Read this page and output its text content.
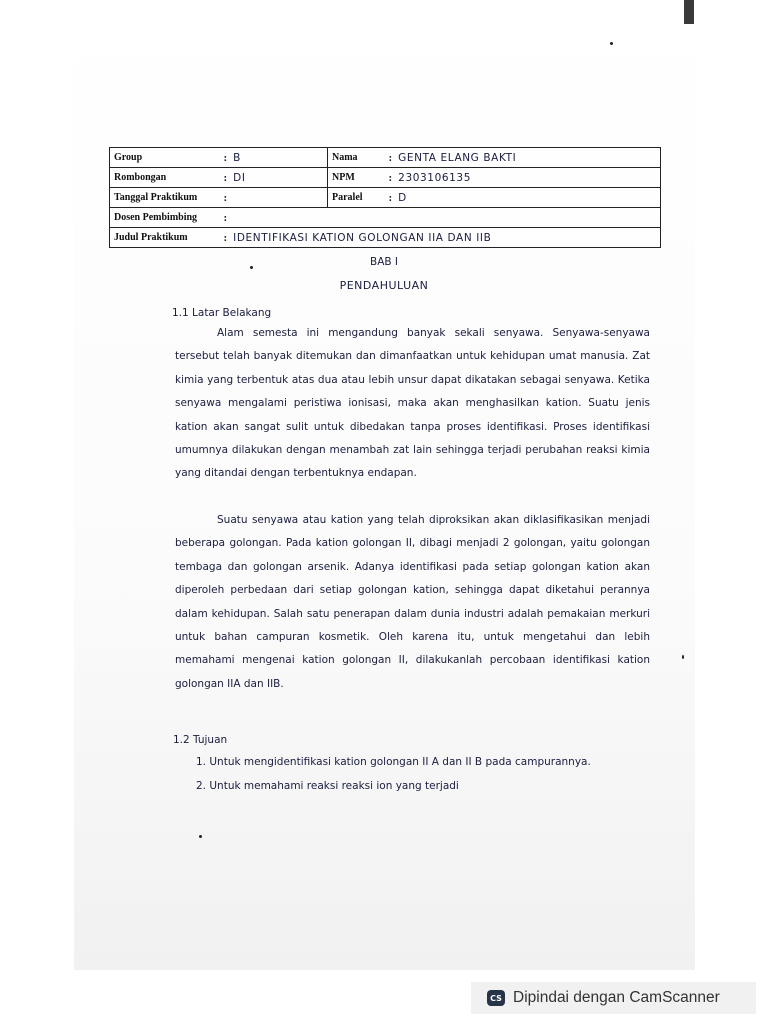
Group	: B	Nama	: GENTA ELANG BAKTI
Rombongan	: DI	NPM	: 2303106135
Tanggal Praktikum	:	Paralel	: D
Dosen Pembimbing	:		
Judul Praktikum	: IDENTIFIKASI KATION GOLONGAN IIA DAN IIB		
BAB I
PENDAHULUAN
1.1 Latar Belakang

Alam semesta ini mengandung banyak sekali senyawa. Senyawa-senyawa tersebut telah banyak ditemukan dan dimanfaatkan untuk kehidupan umat manusia. Zat kimia yang terbentuk atas dua atau lebih unsur dapat dikatakan sebagai senyawa. Ketika senyawa mengalami peristiwa ionisasi, maka akan menghasilkan kation. Suatu jenis kation akan sangat sulit untuk dibedakan tanpa proses identifikasi. Proses identifikasi umumnya dilakukan dengan menambah zat lain sehingga terjadi perubahan reaksi kimia yang ditandai dengan terbentuknya endapan.

Suatu senyawa atau kation yang telah diproksikan akan diklasifikasikan menjadi beberapa golongan. Pada kation golongan II, dibagi menjadi 2 golongan, yaitu golongan tembaga dan golongan arsenik. Adanya identifikasi pada setiap golongan kation akan diperoleh perbedaan dari setiap golongan kation, sehingga dapat diketahui perannya dalam kehidupan. Salah satu penerapan dalam dunia industri adalah pemakaian merkuri untuk bahan campuran kosmetik. Oleh karena itu, untuk mengetahui dan lebih memahami mengenai kation golongan II, dilakukanlah percobaan identifikasi kation golongan IIA dan IIB.

1.2 Tujuan
1. Untuk mengidentifikasi kation golongan II A dan II B pada campurannya.
2. Untuk memahami reaksi reaksi ion yang terjadi
CS Dipindai dengan CamScanner
